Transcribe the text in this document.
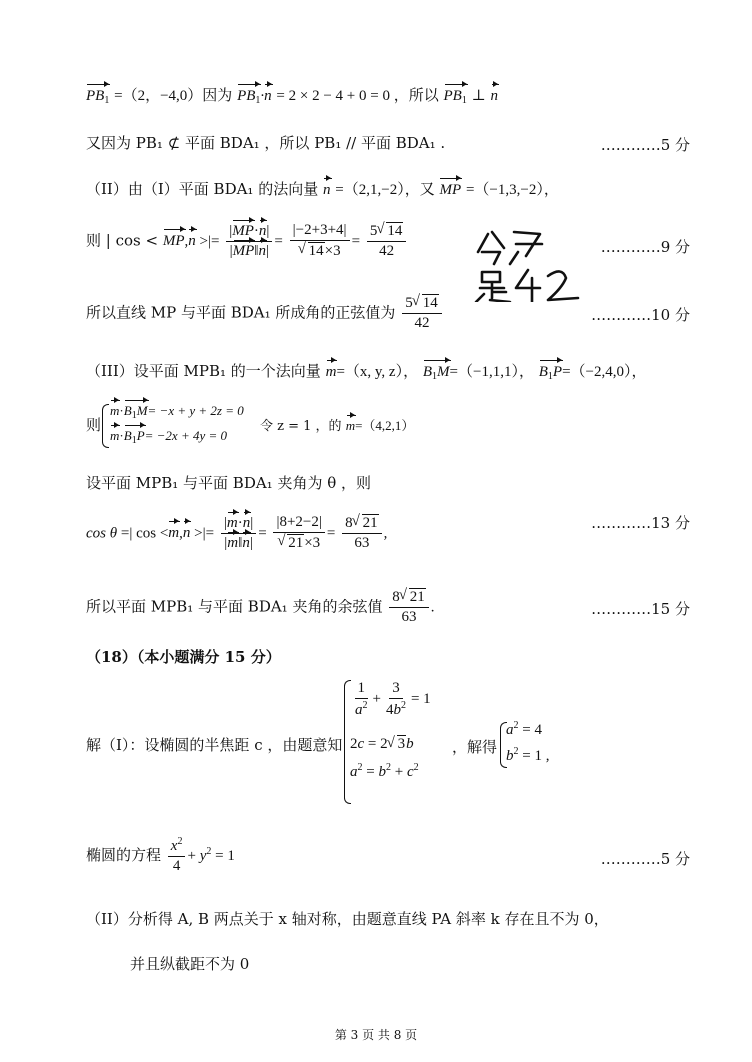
$PB_1 =(2$，−4,0）因为 $PB_1\cdot n = 2 \times 2 - 4 + 0 = 0$ ，所以 $PB_1$ ⊥ n
又因为 PB₁ ⊄ 平面 BDA₁ ，所以 PB₁ // 平面 BDA₁ .	…………5 分
（II）由（I）平面 BDA₁ 的法向量 n =（2,1,−2），又 MP =（−1,3,−2），
则 | cos < MP,n >|= $\frac{|MP\cdot n|}{|MP‖n|} = |-2+3+4|$
√ $14\times 3 = \frac{5 √ 14}{42}$	…………9 分
所以直线 MP 与平面 BDA₁ 所成角的正弦值为 $\frac{5 √ 14}{42}$	…………10 分
（III）设平面 MPB₁ 的一个法向量 m=（x, y, z）， $B_1M=(-1,1,1)$， $B_1P=(-2,4,0)$，
则
$m\cdot B_1M= -x + y + 2z = 0$
$m\cdot B_1P= -2x + 4y = 0$
令 z = 1 ，的 m=（4,2,1）
设平面 MPB₁ 与平面 BDA₁ 夹角为 θ ，则
cos θ =| cos <m,n >|= $\frac{|m\cdot n|}{|m‖n|} = |8+2-2|$
√ $21\times 3 = \frac{8 √ 21}{63}$ ,
…………13 分
所以平面 MPB₁ 与平面 BDA₁ 夹角的余弦值 $\frac{8 √ 21}{63}$ .	…………15 分
（18）（本小题满分 15 分）
解（I）：设椭圆的半焦距 c ，由题意知
$\frac{1}{a^2} + \frac{3}{4b^2} = 1$
2c = 2 √ 3b
$a^2 = b^2 + c^2$
，解得
$a^2 = 4$
$b^2 = 1$ ,
椭圆的方程 $\frac{x^2}{4} + y^2 = 1$	…………5 分
（II）分析得 A, B 两点关于 x 轴对称，由题意直线 PA 斜率 k 存在且不为 0，
并且纵截距不为 0
第 3 页 共 8 页
